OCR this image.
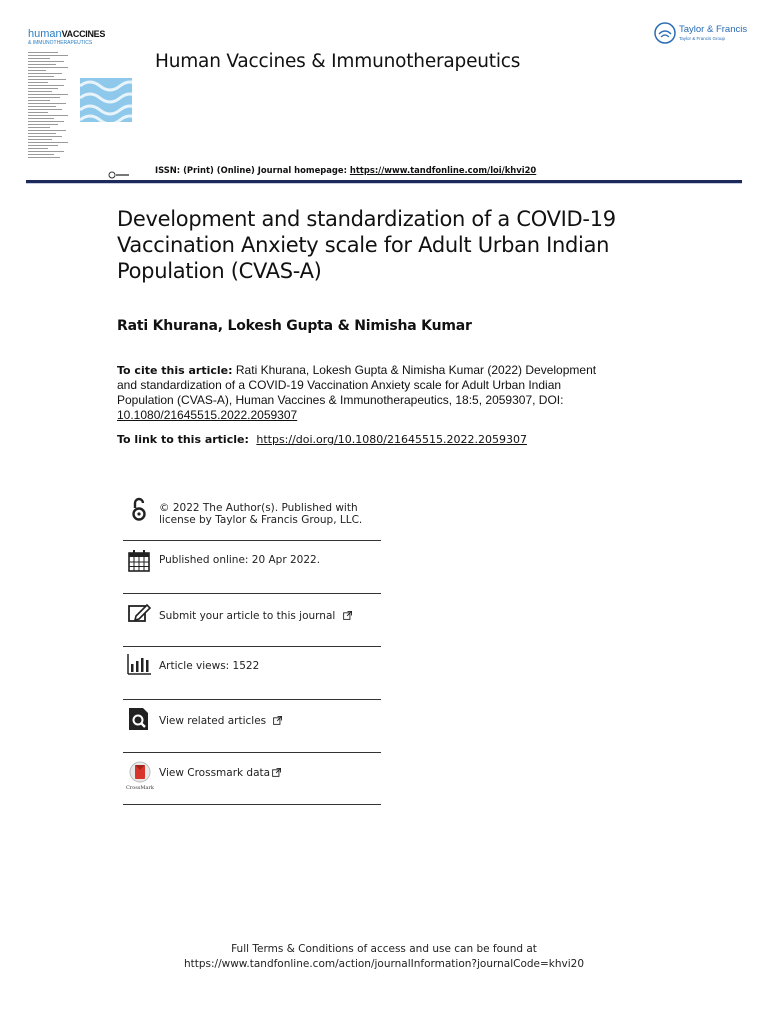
humanVACCINES
& IMMUNOTHERAPEUTICS
Human Vaccines & Immunotherapeutics
ISSN: (Print) (Online) Journal homepage: https://www.tandfonline.com/loi/khvi20
Taylor & Francis
Taylor & Francis Group
Development and standardization of a COVID-19 Vaccination Anxiety scale for Adult Urban Indian Population (CVAS-A)
Rati Khurana, Lokesh Gupta & Nimisha Kumar
To cite this article: Rati Khurana, Lokesh Gupta & Nimisha Kumar (2022) Development and standardization of a COVID-19 Vaccination Anxiety scale for Adult Urban Indian Population (CVAS-A), Human Vaccines & Immunotherapeutics, 18:5, 2059307, DOI: 10.1080/21645515.2022.2059307
To link to this article: https://doi.org/10.1080/21645515.2022.2059307
© 2022 The Author(s). Published with
license by Taylor & Francis Group, LLC.
Published online: 20 Apr 2022.
Submit your article to this journal
Article views: 1522
View related articles
CrossMark
View Crossmark data
Full Terms & Conditions of access and use can be found at
https://www.tandfonline.com/action/journalInformation?journalCode=khvi20
